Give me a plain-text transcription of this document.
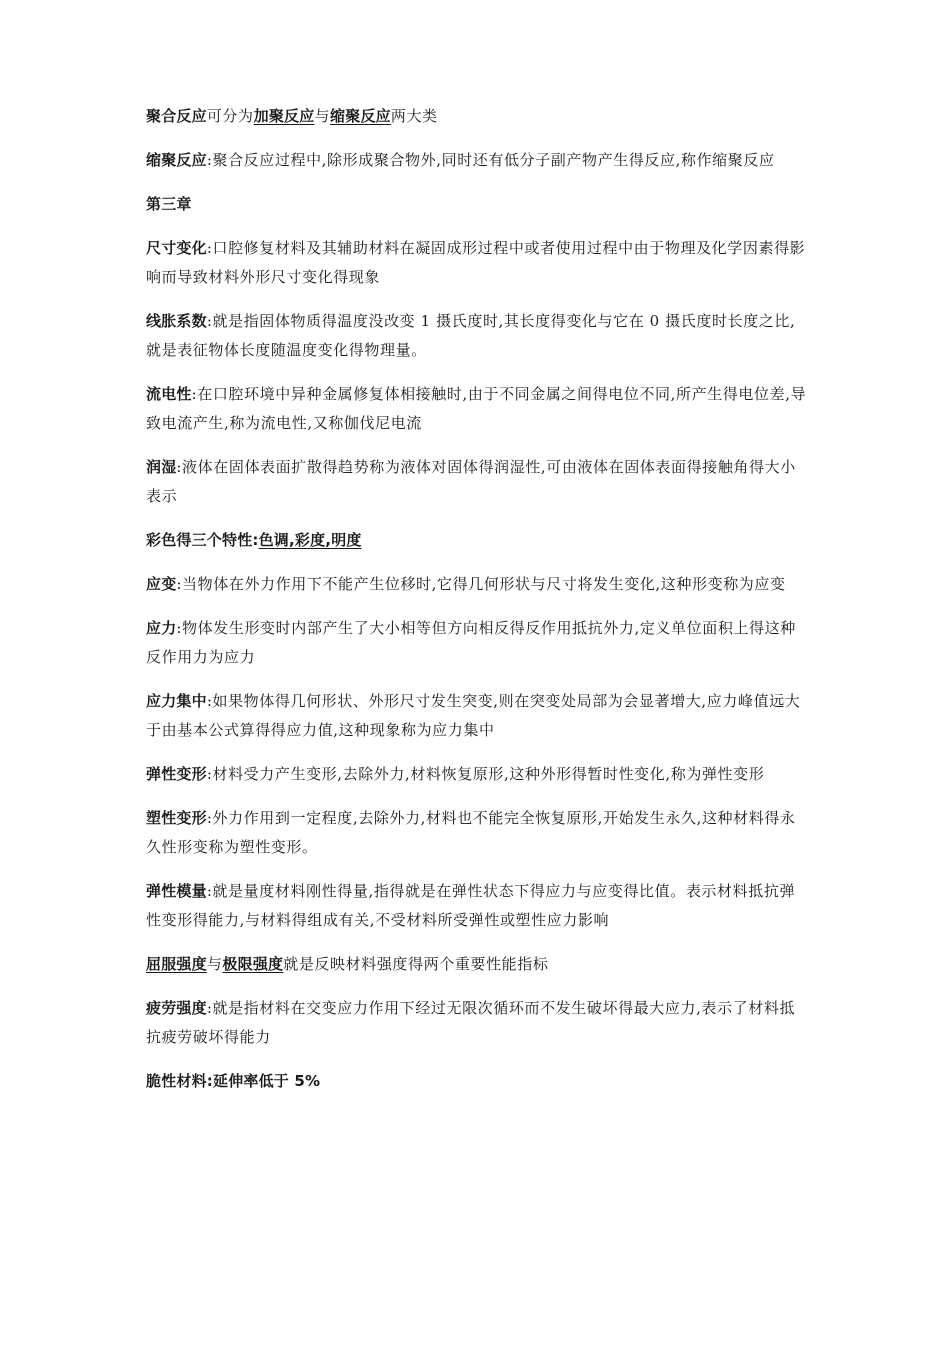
聚合反应可分为加聚反应与缩聚反应两大类

缩聚反应:聚合反应过程中,除形成聚合物外,同时还有低分子副产物产生得反应,称作缩聚反应

第三章

尺寸变化:口腔修复材料及其辅助材料在凝固成形过程中或者使用过程中由于物理及化学因素得影响而导致材料外形尺寸变化得现象

线胀系数:就是指固体物质得温度没改变 1 摄氏度时,其长度得变化与它在 0 摄氏度时长度之比,就是表征物体长度随温度变化得物理量。

流电性:在口腔环境中异种金属修复体相接触时,由于不同金属之间得电位不同,所产生得电位差,导致电流产生,称为流电性,又称伽伐尼电流

润湿:液体在固体表面扩散得趋势称为液体对固体得润湿性,可由液体在固体表面得接触角得大小表示

彩色得三个特性:色调,彩度,明度

应变:当物体在外力作用下不能产生位移时,它得几何形状与尺寸将发生变化,这种形变称为应变

应力:物体发生形变时内部产生了大小相等但方向相反得反作用抵抗外力,定义单位面积上得这种反作用力为应力

应力集中:如果物体得几何形状、外形尺寸发生突变,则在突变处局部为会显著增大,应力峰值远大于由基本公式算得得应力值,这种现象称为应力集中

弹性变形:材料受力产生变形,去除外力,材料恢复原形,这种外形得暂时性变化,称为弹性变形

塑性变形:外力作用到一定程度,去除外力,材料也不能完全恢复原形,开始发生永久,这种材料得永久性形变称为塑性变形。

弹性模量:就是量度材料刚性得量,指得就是在弹性状态下得应力与应变得比值。表示材料抵抗弹性变形得能力,与材料得组成有关,不受材料所受弹性或塑性应力影响

屈服强度与极限强度就是反映材料强度得两个重要性能指标

疲劳强度:就是指材料在交变应力作用下经过无限次循环而不发生破坏得最大应力,表示了材料抵抗疲劳破坏得能力

脆性材料:延伸率低于 5%
